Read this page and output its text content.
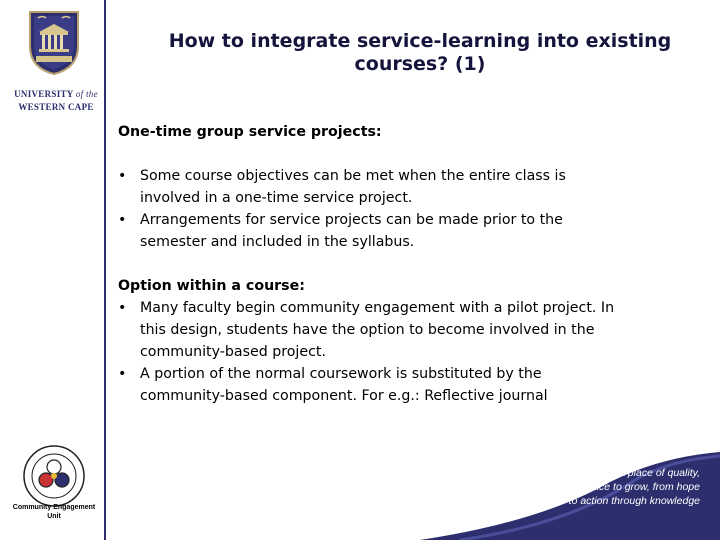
UNIVERSITY of the
WESTERN CAPE
How to integrate service-learning into existing
courses? (1)

One-time group service projects:

• Some course objectives can be met when the entire class is
involved in a one-time service project.
• Arrangements for service projects can be made prior to the
semester and included in the syllabus.

Option within a course:

• Many faculty begin community engagement with a pilot project. In
this design, students have the option to become involved in the
community-based project.
• A portion of the normal coursework is substituted by the
community-based component. For e.g.: Reflective journal
Community Engagement
Unit
A place of quality,
a place to grow, from hope
to action through knowledge
